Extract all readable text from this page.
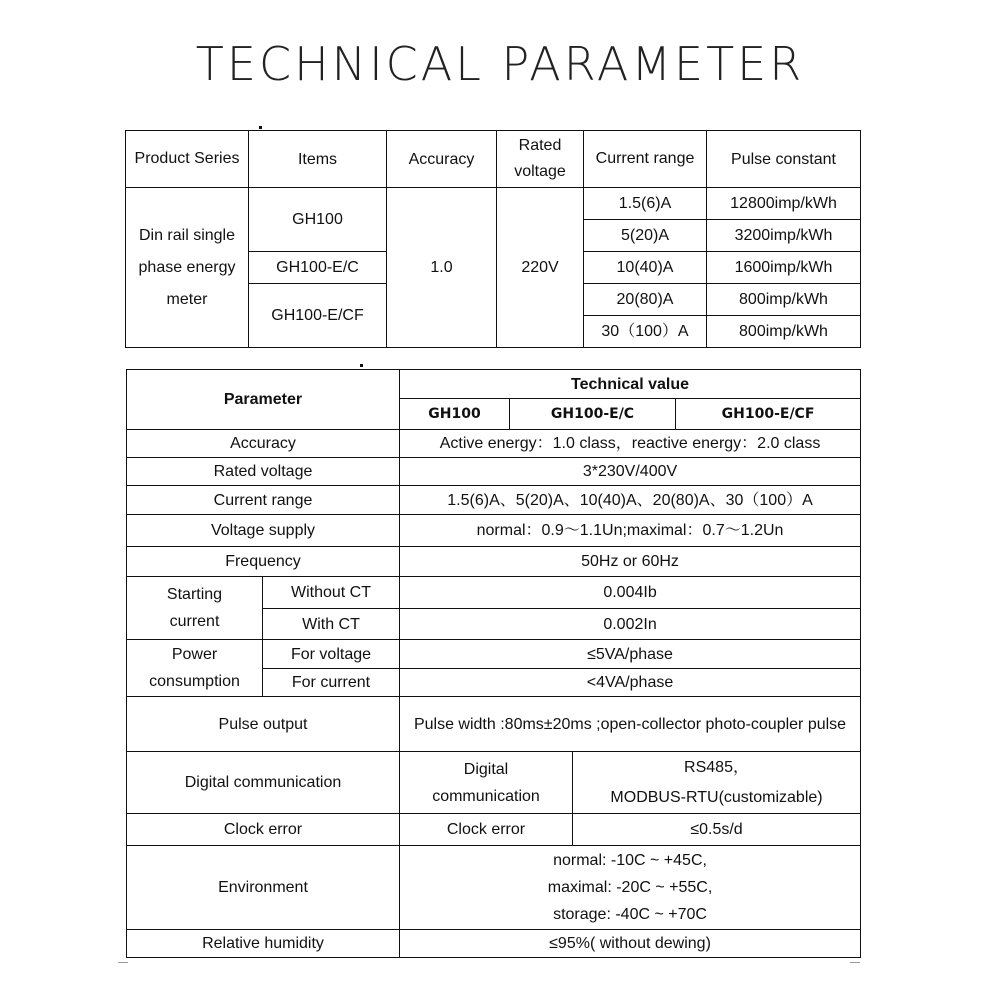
TECHNICAL PARAMETER
Product Series	Items	Accuracy	Rated voltage	Current range	Pulse constant
Din rail single phase energy meter	GH100	1.0	220V	1.5(6)A	12800imp/kWh
				5(20)A	3200imp/kWh
	GH100-E/C			10(40)A	1600imp/kWh
	GH100-E/CF			20(80)A	800imp/kWh
				30（100）A	800imp/kWh
Parameter		Technical value			
		GH100	GH100-E/C		GH100-E/CF
Accuracy		Active energy：1.0 class，reactive energy：2.0 class			
Rated voltage		3*230V/400V			
Current range		1.5(6)A、5(20)A、10(40)A、20(80)A、30（100）A			
Voltage supply		normal：0.9～1.1Un;maximal：0.7～1.2Un			
Frequency		50Hz or 60Hz			
Starting current	Without CT	0.004Ib			
	With CT	0.002In			
Power consumption	For voltage	≤5VA/phase			
	For current	<4VA/phase			
Pulse output		Pulse width :80ms±20ms ;open-collector photo-coupler pulse			
Digital communication		Digital communication		RS485，
MODBUS-RTU(customizable)	

Clock error		Clock error		≤0.5s/d	
Environment		normal: -10C ~ +45C,
maximal: -20C ~ +55C,
storage: -40C ~ +70C			

Relative humidity		≤95%( without dewing)			
